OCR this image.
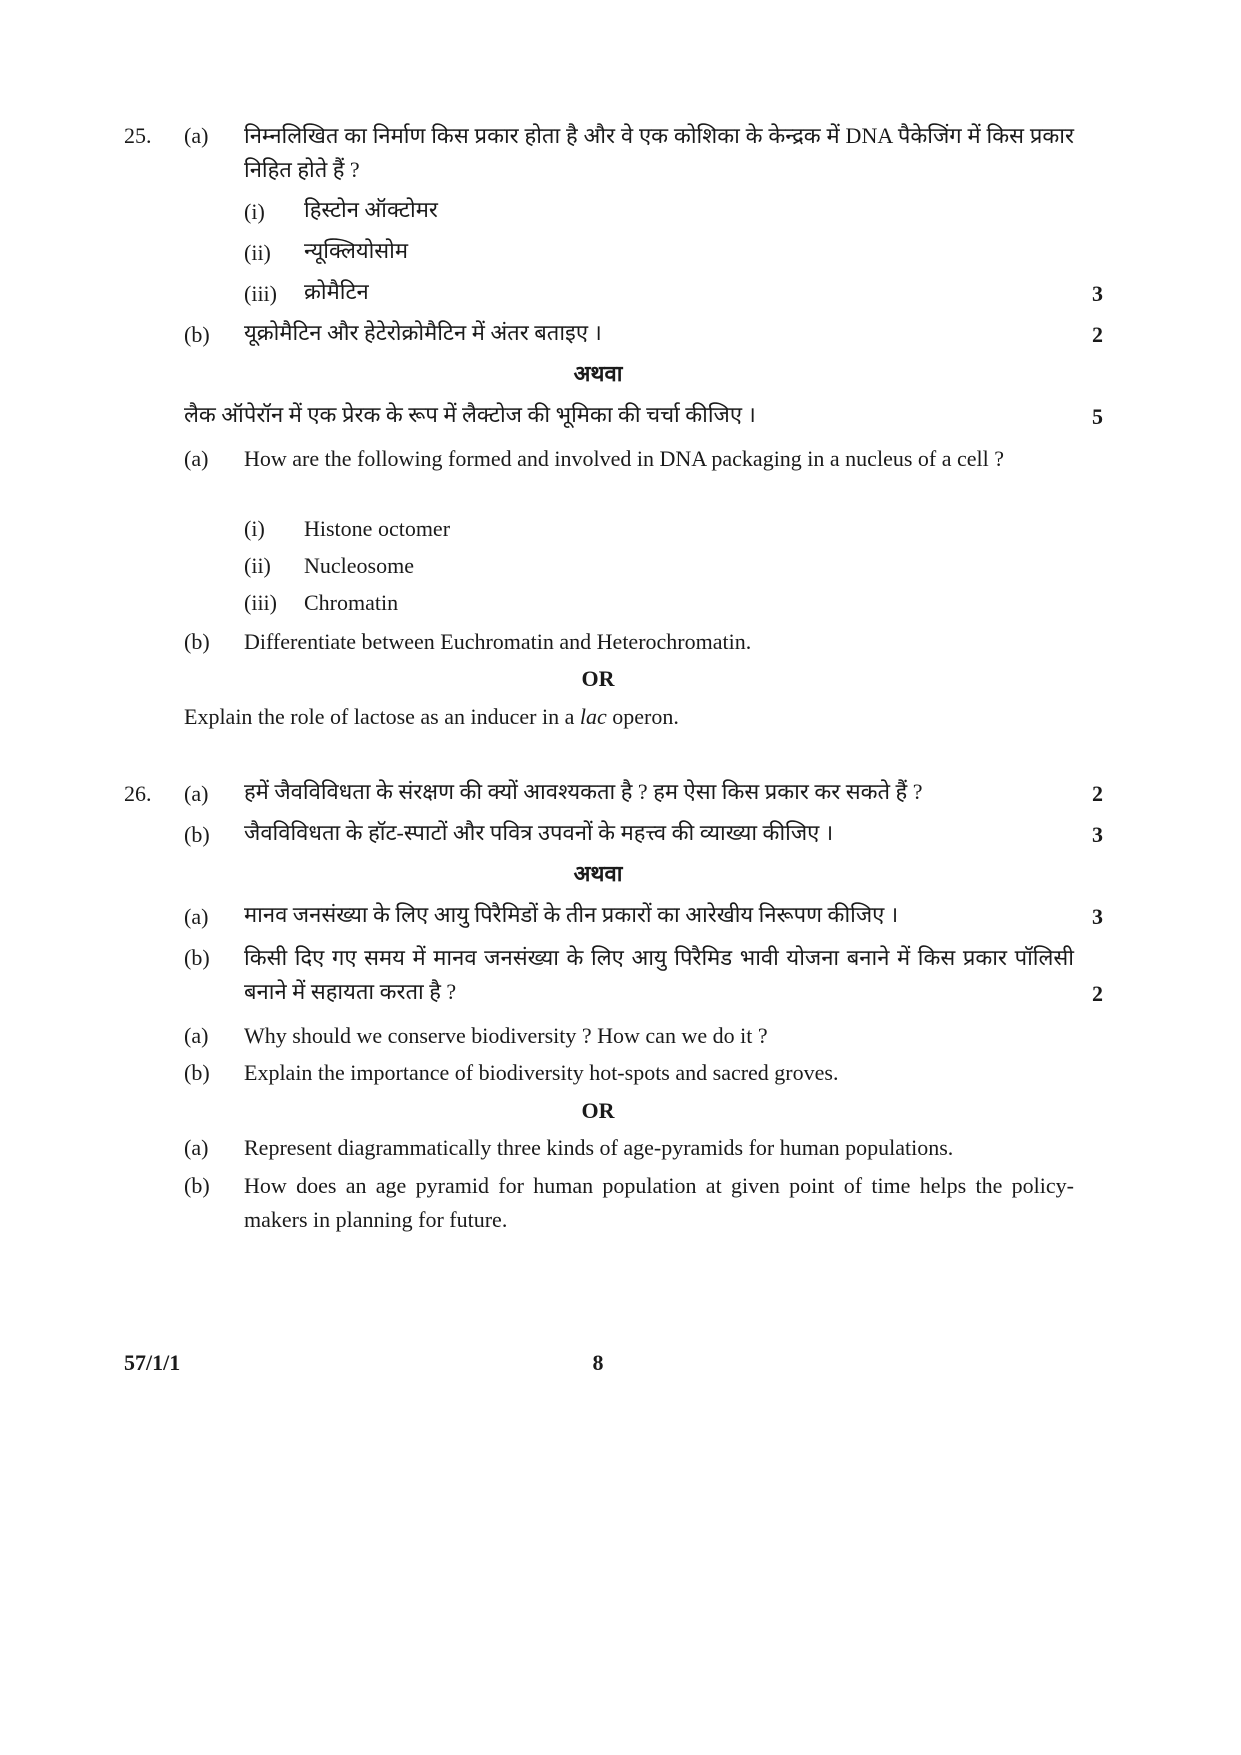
25. (a) निम्नलिखित का निर्माण किस प्रकार होता है और वे एक कोशिका के केन्द्रक में DNA पैकेजिंग में किस प्रकार निहित होते हैं ?
(i) हिस्टोन ऑक्टोमर
(ii) न्यूक्लियोसोम
(iii) क्रोमैटिन	3
(b) यूक्रोमैटिन और हेटेरोक्रोमैटिन में अंतर बताइए ।	2
अथवा
लैक ऑपेरॉन में एक प्रेरक के रूप में लैक्टोज की भूमिका की चर्चा कीजिए ।	5
(a) How are the following formed and involved in DNA packaging in a nucleus of a cell ?
(i) Histone octomer
(ii) Nucleosome
(iii) Chromatin
(b) Differentiate between Euchromatin and Heterochromatin.
OR
Explain the role of lactose as an inducer in a lac operon.
26. (a) हमें जैवविविधता के संरक्षण की क्यों आवश्यकता है ? हम ऐसा किस प्रकार कर सकते हैं ?	2
(b) जैवविविधता के हॉट-स्पाटों और पवित्र उपवनों के महत्त्व की व्याख्या कीजिए ।	3
अथवा
(a) मानव जनसंख्या के लिए आयु पिरैमिडों के तीन प्रकारों का आरेखीय निरूपण कीजिए ।	3
(b) किसी दिए गए समय में मानव जनसंख्या के लिए आयु पिरैमिड भावी योजना बनाने में किस प्रकार पॉलिसी बनाने में सहायता करता है ?	2
(a) Why should we conserve biodiversity ? How can we do it ?
(b) Explain the importance of biodiversity hot-spots and sacred groves.
OR
(a) Represent diagrammatically three kinds of age-pyramids for human populations.
(b) How does an age pyramid for human population at given point of time helps the policy-makers in planning for future.
57/1/1	8
